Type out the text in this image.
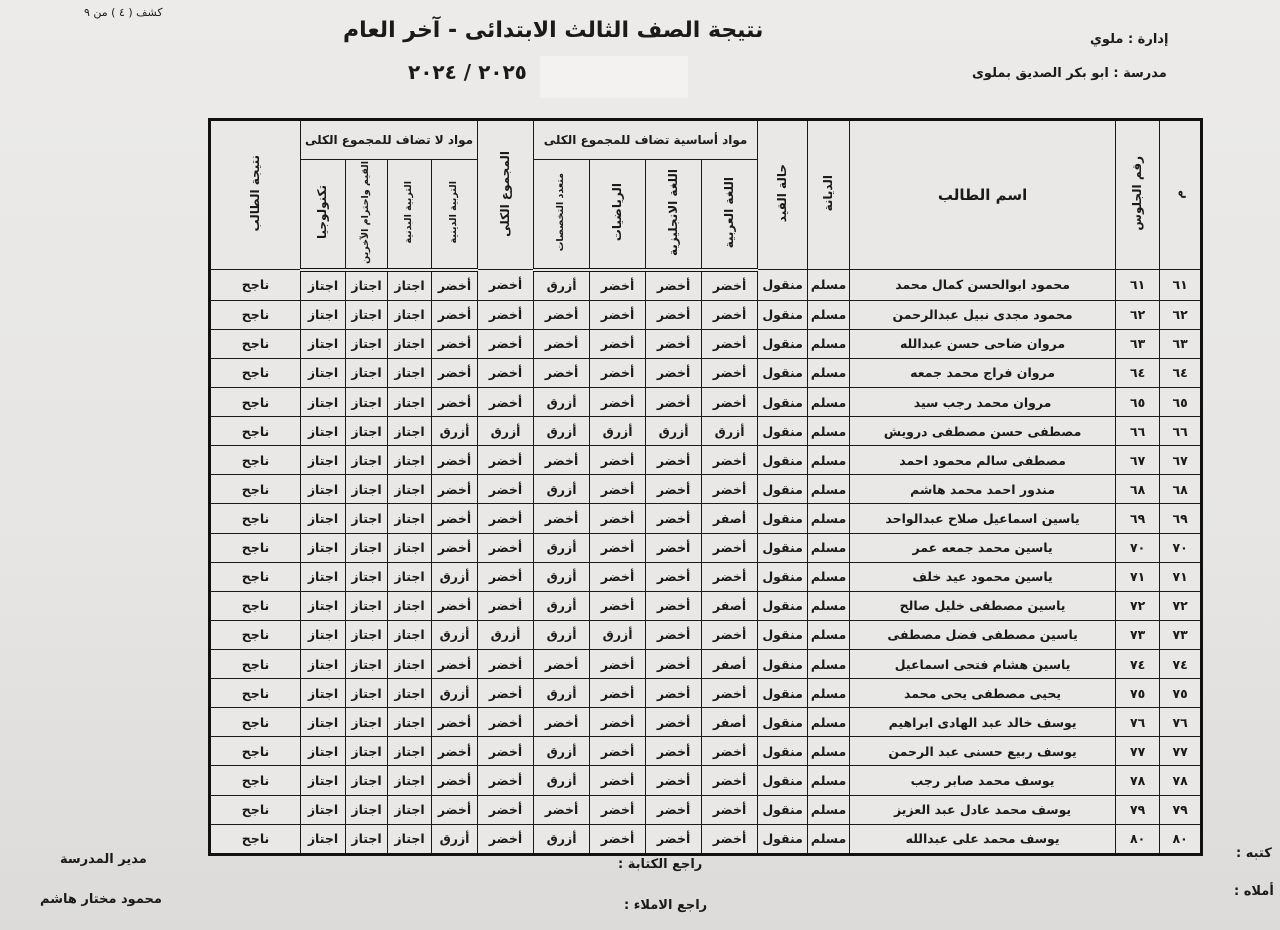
كشف ( ٤ ) من ٩
نتيجة الصف الثالث الابتدائى - آخر العام
٢٠٢٥ / ٢٠٢٤
إدارة : ملوي
مدرسة : ابو بكر الصديق بملوى
م	رقم الجلوس	اسم الطالب	الديانة	حالة القيد	مواد أساسية تضاف للمجموع الكلى				المجموع الكلى	مواد لا تضاف للمجموع الكلى				نتيجة الطالب
					اللغة العربية	اللغة الانجليزية	الرياضيات	متعدد التخصصات		التربية الدينية	التربية البدنية	القيم واحترام الآخرين	تكنولوجيا	
٦١	٦١	محمود ابوالحسن كمال محمد	مسلم	منقول	أخضر	أخضر	أخضر	أزرق	أخضر	أخضر	اجتاز	اجتاز	اجتاز	ناجح
٦٢	٦٢	محمود مجدى نبيل عبدالرحمن	مسلم	منقول	أخضر	أخضر	أخضر	أخضر	أخضر	أخضر	اجتاز	اجتاز	اجتاز	ناجح
٦٣	٦٣	مروان ضاحى حسن عبدالله	مسلم	منقول	أخضر	أخضر	أخضر	أخضر	أخضر	أخضر	اجتاز	اجتاز	اجتاز	ناجح
٦٤	٦٤	مروان فراج محمد جمعه	مسلم	منقول	أخضر	أخضر	أخضر	أخضر	أخضر	أخضر	اجتاز	اجتاز	اجتاز	ناجح
٦٥	٦٥	مروان محمد رجب سيد	مسلم	منقول	أخضر	أخضر	أخضر	أزرق	أخضر	أخضر	اجتاز	اجتاز	اجتاز	ناجح
٦٦	٦٦	مصطفى حسن مصطفى درويش	مسلم	منقول	أزرق	أزرق	أزرق	أزرق	أزرق	أزرق	اجتاز	اجتاز	اجتاز	ناجح
٦٧	٦٧	مصطفى سالم محمود احمد	مسلم	منقول	أخضر	أخضر	أخضر	أخضر	أخضر	أخضر	اجتاز	اجتاز	اجتاز	ناجح
٦٨	٦٨	مندور احمد محمد هاشم	مسلم	منقول	أخضر	أخضر	أخضر	أزرق	أخضر	أخضر	اجتاز	اجتاز	اجتاز	ناجح
٦٩	٦٩	ياسين اسماعيل صلاح عبدالواحد	مسلم	منقول	أصفر	أخضر	أخضر	أخضر	أخضر	أخضر	اجتاز	اجتاز	اجتاز	ناجح
٧٠	٧٠	ياسين محمد جمعه عمر	مسلم	منقول	أخضر	أخضر	أخضر	أزرق	أخضر	أخضر	اجتاز	اجتاز	اجتاز	ناجح
٧١	٧١	ياسين محمود عيد خلف	مسلم	منقول	أخضر	أخضر	أخضر	أزرق	أخضر	أزرق	اجتاز	اجتاز	اجتاز	ناجح
٧٢	٧٢	ياسين مصطفى خليل صالح	مسلم	منقول	أصفر	أخضر	أخضر	أزرق	أخضر	أخضر	اجتاز	اجتاز	اجتاز	ناجح
٧٣	٧٣	ياسين مصطفى فضل مصطفى	مسلم	منقول	أخضر	أخضر	أزرق	أزرق	أزرق	أزرق	اجتاز	اجتاز	اجتاز	ناجح
٧٤	٧٤	ياسين هشام فتحى اسماعيل	مسلم	منقول	أصفر	أخضر	أخضر	أخضر	أخضر	أخضر	اجتاز	اجتاز	اجتاز	ناجح
٧٥	٧٥	يحيى مصطفى يحى محمد	مسلم	منقول	أخضر	أخضر	أخضر	أزرق	أخضر	أزرق	اجتاز	اجتاز	اجتاز	ناجح
٧٦	٧٦	يوسف خالد عبد الهادى ابراهيم	مسلم	منقول	أصفر	أخضر	أخضر	أخضر	أخضر	أخضر	اجتاز	اجتاز	اجتاز	ناجح
٧٧	٧٧	يوسف ربيع حسنى عبد الرحمن	مسلم	منقول	أخضر	أخضر	أخضر	أزرق	أخضر	أخضر	اجتاز	اجتاز	اجتاز	ناجح
٧٨	٧٨	يوسف محمد صابر رجب	مسلم	منقول	أخضر	أخضر	أخضر	أزرق	أخضر	أخضر	اجتاز	اجتاز	اجتاز	ناجح
٧٩	٧٩	يوسف محمد عادل عبد العزيز	مسلم	منقول	أخضر	أخضر	أخضر	أخضر	أخضر	أخضر	اجتاز	اجتاز	اجتاز	ناجح
٨٠	٨٠	يوسف محمد على عبدالله	مسلم	منقول	أخضر	أخضر	أخضر	أزرق	أخضر	أزرق	اجتاز	اجتاز	اجتاز	ناجح
كتبه :
أملاه :
راجع الكتابة :
راجع الاملاء :
مدير المدرسة
محمود مختار هاشم
